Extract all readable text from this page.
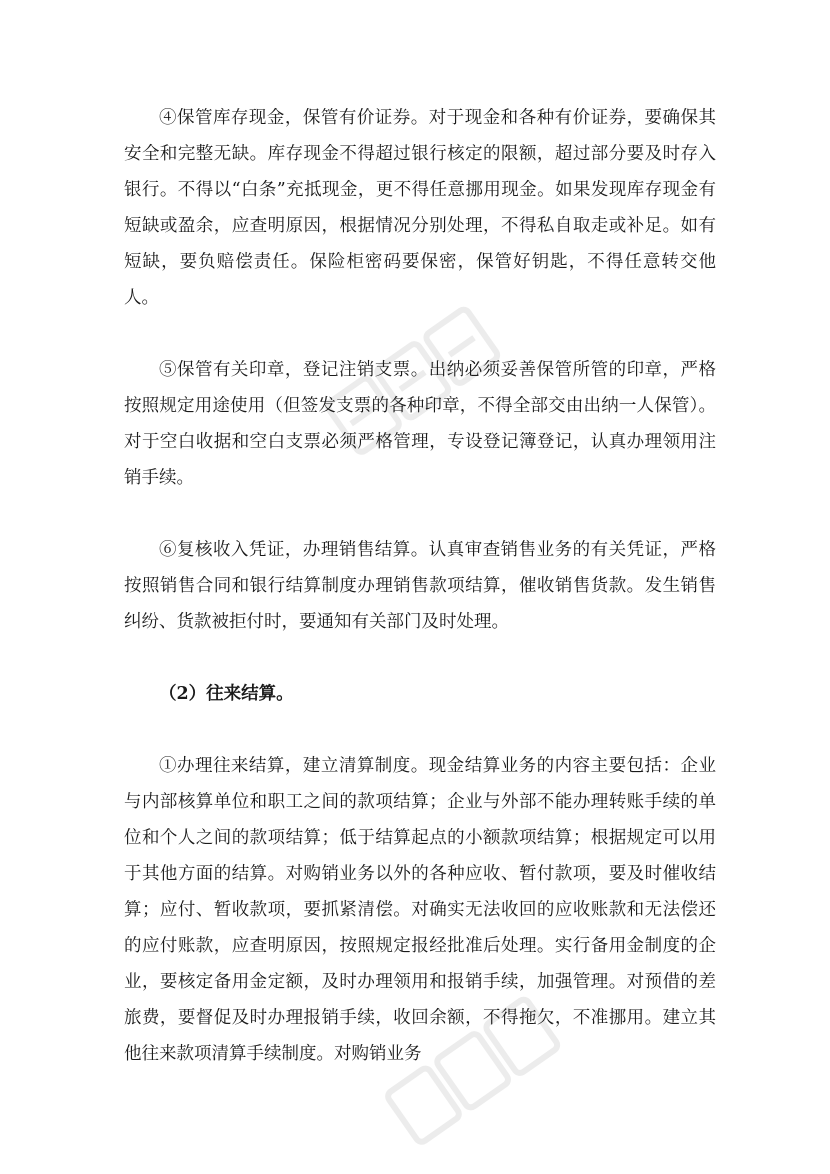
④保管库存现金，保管有价证券。对于现金和各种有价证券，要确保其安全和完整无缺。库存现金不得超过银行核定的限额，超过部分要及时存入银行。不得以“白条”充抵现金，更不得任意挪用现金。如果发现库存现金有短缺或盈余，应查明原因，根据情况分别处理，不得私自取走或补足。如有短缺，要负赔偿责任。保险柜密码要保密，保管好钥匙，不得任意转交他人。

⑤保管有关印章，登记注销支票。出纳必须妥善保管所管的印章，严格按照规定用途使用（但签发支票的各种印章，不得全部交由出纳一人保管）。对于空白收据和空白支票必须严格管理，专设登记簿登记，认真办理领用注销手续。

⑥复核收入凭证，办理销售结算。认真审查销售业务的有关凭证，严格按照销售合同和银行结算制度办理销售款项结算，催收销售货款。发生销售纠纷、货款被拒付时，要通知有关部门及时处理。

（2）往来结算。

①办理往来结算，建立清算制度。现金结算业务的内容主要包括：企业与内部核算单位和职工之间的款项结算；企业与外部不能办理转账手续的单位和个人之间的款项结算；低于结算起点的小额款项结算；根据规定可以用于其他方面的结算。对购销业务以外的各种应收、暂付款项，要及时催收结算；应付、暂收款项，要抓紧清偿。对确实无法收回的应收账款和无法偿还的应付账款，应查明原因，按照规定报经批准后处理。实行备用金制度的企业，要核定备用金定额，及时办理领用和报销手续，加强管理。对预借的差旅费，要督促及时办理报销手续，收回余额，不得拖欠，不准挪用。建立其他往来款项清算手续制度。对购销业务
